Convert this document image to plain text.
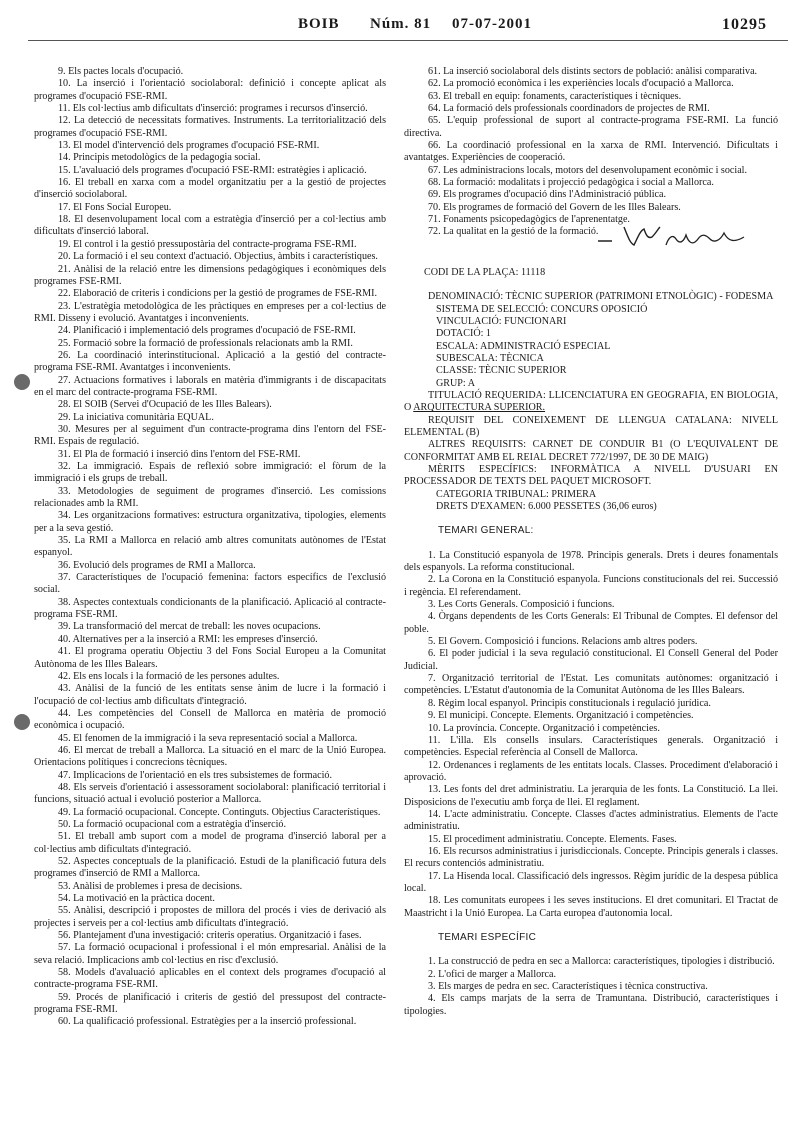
BOIB Núm. 81 07-07-2001	10295

9. Els pactes locals d'ocupació.

10. La inserció i l'orientació sociolaboral: definició i concepte aplicat als programes d'ocupació FSE-RMI.

11. Els col·lectius amb dificultats d'inserció: programes i recursos d'inserció.

12. La detecció de necessitats formatives. Instruments. La territorialització dels programes d'ocupació FSE-RMI.

13. El model d'intervenció dels programes d'ocupació FSE-RMI.

14. Principis metodològics de la pedagogia social.

15. L'avaluació dels programes d'ocupació FSE-RMI: estratègies i aplicació.

16. El treball en xarxa com a model organitzatiu per a la gestió de projectes d'inserció sociolaboral.

17. El Fons Social Europeu.

18. El desenvolupament local com a estratègia d'inserció per a col·lectius amb dificultats d'inserció laboral.

19. El control i la gestió pressupostària del contracte-programa FSE-RMI.

20. La formació i el seu context d'actuació. Objectius, àmbits i característiques.

21. Anàlisi de la relació entre les dimensions pedagògiques i econòmiques dels programes FSE-RMI.

22. Elaboració de criteris i condicions per la gestió de programes de FSE-RMI.

23. L'estratègia metodològica de les pràctiques en empreses per a col·lectius de RMI. Disseny i evolució. Avantatges i inconvenients.

24. Planificació i implementació dels programes d'ocupació de FSE-RMI.

25. Formació sobre la formació de professionals relacionats amb la RMI.

26. La coordinació interinstitucional. Aplicació a la gestió del contracte-programa FSE-RMI. Avantatges i inconvenients.

27. Actuacions formatives i laborals en matèria d'immigrants i de discapacitats en el marc del contracte-programa FSE-RMI.

28. El SOIB (Servei d'Ocupació de les Illes Balears).

29. La iniciativa comunitària EQUAL.

30. Mesures per al seguiment d'un contracte-programa dins l'entorn del FSE-RMI. Espais de regulació.

31. El Pla de formació i inserció dins l'entorn del FSE-RMI.

32. La immigració. Espais de reflexió sobre immigració: el fòrum de la immigració i els grups de treball.

33. Metodologies de seguiment de programes d'inserció. Les comissions relacionades amb la RMI.

34. Les organitzacions formatives: estructura organitzativa, tipologies, elements per a la seva gestió.

35. La RMI a Mallorca en relació amb altres comunitats autònomes de l'Estat espanyol.

36. Evolució dels programes de RMI a Mallorca.

37. Característiques de l'ocupació femenina: factors específics de l'exclusió social.

38. Aspectes contextuals condicionants de la planificació. Aplicació al contracte-programa FSE-RMI.

39. La transformació del mercat de treball: les noves ocupacions.

40. Alternatives per a la inserció a RMI: les empreses d'inserció.

41. El programa operatiu Objectiu 3 del Fons Social Europeu a la Comunitat Autònoma de les Illes Balears.

42. Els ens locals i la formació de les persones adultes.

43. Anàlisi de la funció de les entitats sense ànim de lucre i la formació i l'ocupació de col·lectius amb dificultats d'integració.

44. Les competències del Consell de Mallorca en matèria de promoció econòmica i ocupació.

45. El fenomen de la immigració i la seva representació social a Mallorca.

46. El mercat de treball a Mallorca. La situació en el marc de la Unió Europea. Orientacions polítiques i concrecions tècniques.

47. Implicacions de l'orientació en els tres subsistemes de formació.

48. Els serveis d'orientació i assessorament sociolaboral: planificació territorial i funcions, situació actual i evolució posterior a Mallorca.

49. La formació ocupacional. Concepte. Continguts. Objectius Característiques.

50. La formació ocupacional com a estratègia d'inserció.

51. El treball amb suport com a model de programa d'inserció laboral per a col·lectius amb dificultats d'integració.

52. Aspectes conceptuals de la planificació. Estudi de la planificació futura dels programes d'inserció de RMI a Mallorca.

53. Anàlisi de problemes i presa de decisions.

54. La motivació en la pràctica docent.

55. Anàlisi, descripció i propostes de millora del procés i vies de derivació als projectes i serveis per a col·lectius amb dificultats d'integració.

56. Plantejament d'una investigació: criteris operatius. Organització i fases.

57. La formació ocupacional i professional i el món empresarial. Anàlisi de la seva relació. Implicacions amb col·lectius en risc d'exclusió.

58. Models d'avaluació aplicables en el context dels programes d'ocupació al contracte-programa FSE-RMI.

59. Procés de planificació i criteris de gestió del pressupost del contracte-programa FSE-RMI.

60. La qualificació professional. Estratègies per a la inserció professional.

61. La inserció sociolaboral dels distints sectors de població: anàlisi comparativa.

62. La promoció econòmica i les experiències locals d'ocupació a Mallorca.

63. El treball en equip: fonaments, característiques i tècniques.

64. La formació dels professionals coordinadors de projectes de RMI.

65. L'equip professional de suport al contracte-programa FSE-RMI. La funció directiva.

66. La coordinació professional en la xarxa de RMI. Intervenció. Dificultats i avantatges. Experiències de cooperació.

67. Les administracions locals, motors del desenvolupament econòmic i social.

68. La formació: modalitats i projecció pedagògica i social a Mallorca.

69. Els programes d'ocupació dins l'Administració pública.

70. Els programes de formació del Govern de les Illes Balears.

71. Fonaments psicopedagògics de l'aprenentatge.

72. La qualitat en la gestió de la formació.

CODI DE LA PLAÇA: 11118

DENOMINACIÓ: TÈCNIC SUPERIOR (PATRIMONI ETNOLÒGIC) - FODESMA

SISTEMA DE SELECCIÓ: CONCURS OPOSICIÓ

VINCULACIÓ: FUNCIONARI

DOTACIÓ: 1

ESCALA: ADMINISTRACIÓ ESPECIAL

SUBESCALA: TÈCNICA

CLASSE: TÈCNIC SUPERIOR

GRUP: A

TITULACIÓ REQUERIDA: LLICENCIATURA EN GEOGRAFIA, EN BIOLOGIA, O ARQUITECTURA SUPERIOR.

REQUISIT DEL CONEIXEMENT DE LLENGUA CATALANA: NIVELL ELEMENTAL (B)

ALTRES REQUISITS: CARNET DE CONDUIR B1 (O L'EQUIVALENT DE CONFORMITAT AMB EL REIAL DECRET 772/1997, DE 30 DE MAIG)

MÈRITS ESPECÍFICS: INFORMÀTICA A NIVELL D'USUARI EN PROCESSADOR DE TEXTS DEL PAQUET MICROSOFT.

CATEGORIA TRIBUNAL: PRIMERA

DRETS D'EXAMEN: 6.000 PESSETES (36,06 euros)

TEMARI GENERAL:

1. La Constitució espanyola de 1978. Principis generals. Drets i deures fonamentals dels espanyols. La reforma constitucional.

2. La Corona en la Constitució espanyola. Funcions constitucionals del rei. Successió i regència. El referendament.

3. Les Corts Generals. Composició i funcions.

4. Òrgans dependents de les Corts Generals: El Tribunal de Comptes. El defensor del poble.

5. El Govern. Composició i funcions. Relacions amb altres poders.

6. El poder judicial i la seva regulació constitucional. El Consell General del Poder Judicial.

7. Organització territorial de l'Estat. Les comunitats autònomes: organització i competències. L'Estatut d'autonomia de la Comunitat Autònoma de les Illes Balears.

8. Règim local espanyol. Principis constitucionals i regulació jurídica.

9. El municipi. Concepte. Elements. Organització i competències.

10. La província. Concepte. Organització i competències.

11. L'illa. Els consells insulars. Característiques generals. Organització i competències. Especial referència al Consell de Mallorca.

12. Ordenances i reglaments de les entitats locals. Classes. Procediment d'elaboració i aprovació.

13. Les fonts del dret administratiu. La jerarquia de les fonts. La Constitució. La llei. Disposicions de l'executiu amb força de llei. El reglament.

14. L'acte administratiu. Concepte. Classes d'actes administratius. Elements de l'acte administratiu.

15. El procediment administratiu. Concepte. Elements. Fases.

16. Els recursos administratius i jurisdiccionals. Concepte. Principis generals i classes. El recurs contenciós administratiu.

17. La Hisenda local. Classificació dels ingressos. Règim jurídic de la despesa pública local.

18. Les comunitats europees i les seves institucions. El dret comunitari. El Tractat de Maastricht i la Unió Europea. La Carta europea d'autonomia local.

TEMARI ESPECÍFIC

1. La construcció de pedra en sec a Mallorca: característiques, tipologies i distribució.

2. L'ofici de marger a Mallorca.

3. Els marges de pedra en sec. Característiques i tècnica constructiva.

4. Els camps marjats de la serra de Tramuntana. Distribució, característiques i tipologies.
